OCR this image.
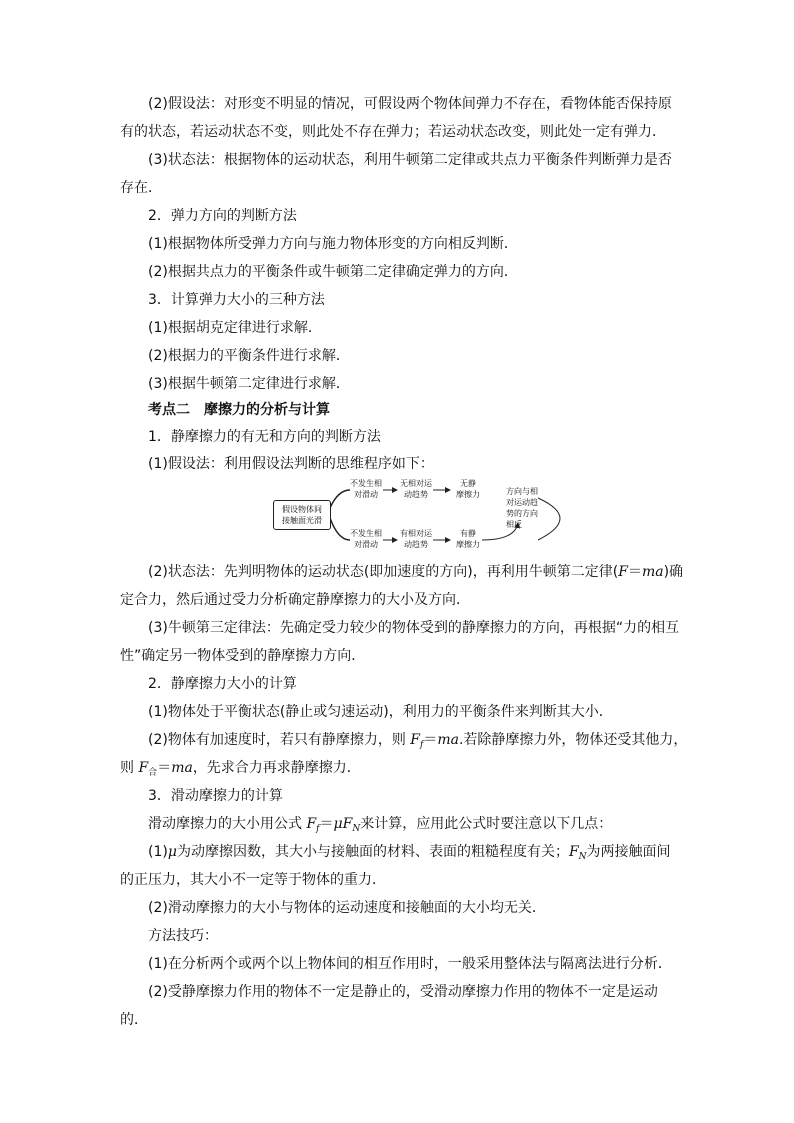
(2)假设法：对形变不明显的情况，可假设两个物体间弹力不存在，看物体能否保持原
有的状态，若运动状态不变，则此处不存在弹力；若运动状态改变，则此处一定有弹力．
(3)状态法：根据物体的运动状态，利用牛顿第二定律或共点力平衡条件判断弹力是否
存在．
2．弹力方向的判断方法
(1)根据物体所受弹力方向与施力物体形变的方向相反判断．
(2)根据共点力的平衡条件或牛顿第二定律确定弹力的方向．
3．计算弹力大小的三种方法
(1)根据胡克定律进行求解．
(2)根据力的平衡条件进行求解．
(3)根据牛顿第二定律进行求解．
考点二　摩擦力的分析与计算
1．静摩擦力的有无和方向的判断方法
(1)假设法：利用假设法判断的思维程序如下：
假设物体间
接触面光滑
不发生相
对滑动
无相对运
动趋势
无静
摩擦力
不发生相
对滑动
有相对运
动趋势
有静
摩擦力
方向与相
对运动趋
势的方向
相反
(2)状态法：先判明物体的运动状态(即加速度的方向)，再利用牛顿第二定律(F＝ma)确
定合力，然后通过受力分析确定静摩擦力的大小及方向．
(3)牛顿第三定律法：先确定受力较少的物体受到的静摩擦力的方向，再根据“力的相互
性”确定另一物体受到的静摩擦力方向．
2．静摩擦力大小的计算
(1)物体处于平衡状态(静止或匀速运动)，利用力的平衡条件来判断其大小．
(2)物体有加速度时，若只有静摩擦力，则 $F_f=ma$.若除静摩擦力外，物体还受其他力，
则 $F_合=ma$，先求合力再求静摩擦力．
3．滑动摩擦力的计算
滑动摩擦力的大小用公式 $F_f=\mu F_N$来计算，应用此公式时要注意以下几点：
(1)μ为动摩擦因数，其大小与接触面的材料、表面的粗糙程度有关；$F_N$为两接触面间
的正压力，其大小不一定等于物体的重力．
(2)滑动摩擦力的大小与物体的运动速度和接触面的大小均无关．
方法技巧：
(1)在分析两个或两个以上物体间的相互作用时，一般采用整体法与隔离法进行分析．
(2)受静摩擦力作用的物体不一定是静止的，受滑动摩擦力作用的物体不一定是运动
的．
